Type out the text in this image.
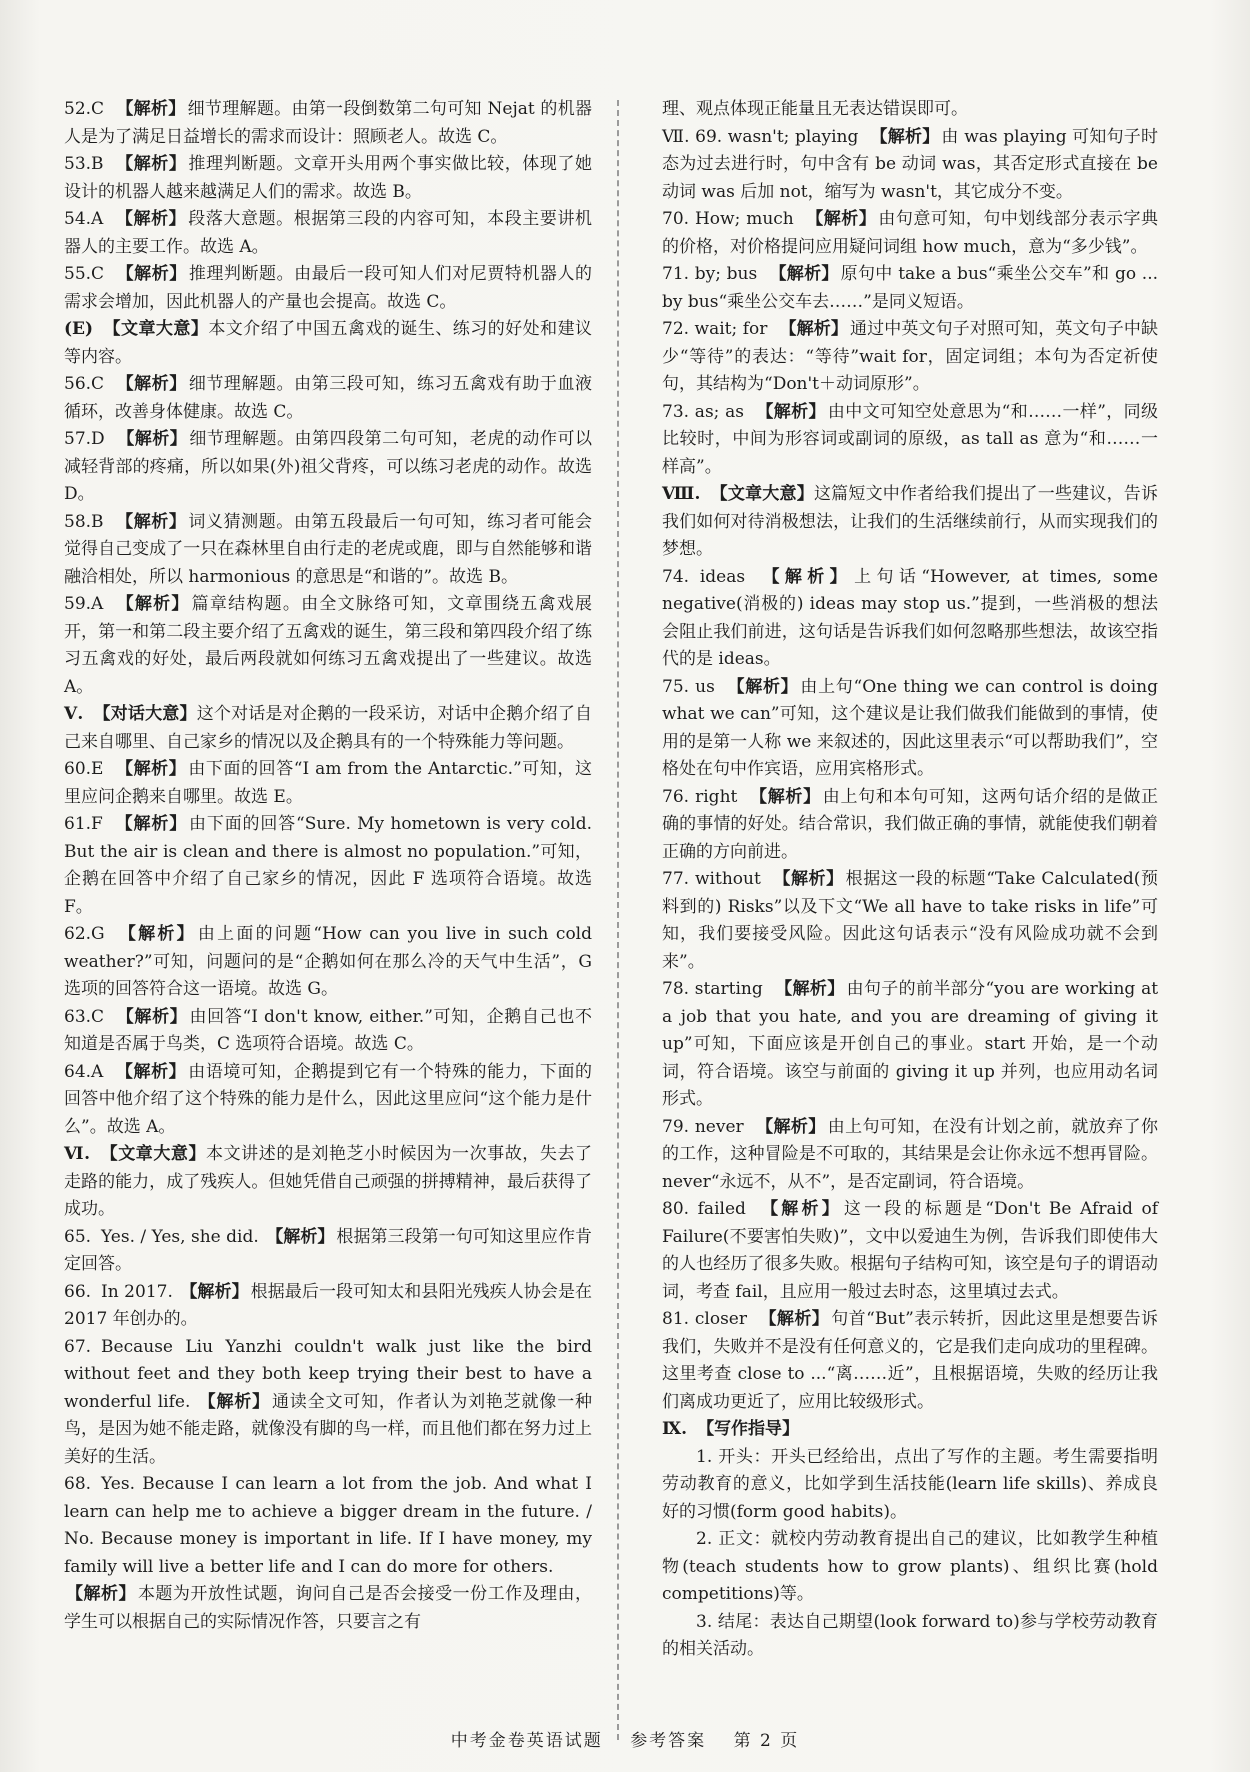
52.C 【 解析 】 细节理解题。由第一段倒数第二句可知 Nejat 的机器人是为了满足日益增长的需求而设计：照顾老人。故选 C。

53.B 【 解析 】 推理判断题。文章开头用两个事实做比较，体现了她设计的机器人越来越满足人们的需求。故选 B。

54.A 【 解析 】 段落大意题。根据第三段的内容可知，本段主要讲机器人的主要工作。故选 A。

55.C 【 解析 】 推理判断题。由最后一段可知人们对尼贾特机器人的需求会增加，因此机器人的产量也会提高。故选 C。

(E) 【 文章大意 】 本文介绍了中国五禽戏的诞生、练习的好处和建议等内容。

56.C 【 解析 】 细节理解题。由第三段可知，练习五禽戏有助于血液循环，改善身体健康。故选 C。

57.D 【 解析 】 细节理解题。由第四段第二句可知，老虎的动作可以减轻背部的疼痛，所以如果(外)祖父背疼，可以练习老虎的动作。故选 D。

58.B 【 解析 】 词义猜测题。由第五段最后一句可知，练习者可能会觉得自己变成了一只在森林里自由行走的老虎或鹿，即与自然能够和谐融洽相处，所以 harmonious 的意思是“和谐的”。故选 B。

59.A 【 解析 】 篇章结构题。由全文脉络可知，文章围绕五禽戏展开，第一和第二段主要介绍了五禽戏的诞生，第三段和第四段介绍了练习五禽戏的好处，最后两段就如何练习五禽戏提出了一些建议。故选 A。

Ⅴ. 【 对话大意 】 这个对话是对企鹅的一段采访，对话中企鹅介绍了自己来自哪里、自己家乡的情况以及企鹅具有的一个特殊能力等问题。

60.E 【 解析 】 由下面的回答“I am from the Antarctic.”可知，这里应问企鹅来自哪里。故选 E。

61.F 【 解析 】 由下面的回答“Sure. My hometown is very cold. But the air is clean and there is almost no population.”可知，企鹅在回答中介绍了自己家乡的情况，因此 F 选项符合语境。故选 F。

62.G 【 解析 】 由上面的问题“How can you live in such cold weather?”可知，问题问的是“企鹅如何在那么冷的天气中生活”，G 选项的回答符合这一语境。故选 G。

63.C 【 解析 】 由回答“I don't know, either.”可知，企鹅自己也不知道是否属于鸟类，C 选项符合语境。故选 C。

64.A 【 解析 】 由语境可知，企鹅提到它有一个特殊的能力，下面的回答中他介绍了这个特殊的能力是什么，因此这里应问“这个能力是什么”。故选 A。

Ⅵ. 【 文章大意 】 本文讲述的是刘艳芝小时候因为一次事故，失去了走路的能力，成了残疾人。但她凭借自己顽强的拼搏精神，最后获得了成功。

65. Yes. / Yes, she did. 【 解析 】 根据第三段第一句可知这里应作肯定回答。

66. In 2017. 【 解析 】 根据最后一段可知太和县阳光残疾人协会是在 2017 年创办的。

67. Because Liu Yanzhi couldn't walk just like the bird without feet and they both keep trying their best to have a wonderful life. 【 解析 】 通读全文可知，作者认为刘艳芝就像一种鸟，是因为她不能走路，就像没有脚的鸟一样，而且他们都在努力过上美好的生活。

68. Yes. Because I can learn a lot from the job. And what I learn can help me to achieve a bigger dream in the future. / No. Because money is important in life. If I have money, my family will live a better life and I can do more for others.

【 解析 】 本题为开放性试题，询问自己是否会接受一份工作及理由，学生可以根据自己的实际情况作答，只要言之有

理、观点体现正能量且无表达错误即可。

Ⅶ. 69. wasn't; playing 【 解析 】 由 was playing 可知句子时态为过去进行时，句中含有 be 动词 was，其否定形式直接在 be 动词 was 后加 not，缩写为 wasn't，其它成分不变。

70. How; much 【 解析 】 由句意可知，句中划线部分表示字典的价格，对价格提问应用疑问词组 how much，意为“多少钱”。

71. by; bus 【 解析 】 原句中 take a bus“乘坐公交车”和 go ... by bus“乘坐公交车去……”是同义短语。

72. wait; for 【 解析 】 通过中英文句子对照可知，英文句子中缺少“等待”的表达：“等待”wait for，固定词组；本句为否定祈使句，其结构为“Don't＋动词原形”。

73. as; as 【 解析 】 由中文可知空处意思为“和……一样”，同级比较时，中间为形容词或副词的原级，as tall as 意为“和……一样高”。

Ⅷ. 【 文章大意 】 这篇短文中作者给我们提出了一些建议，告诉我们如何对待消极想法，让我们的生活继续前行，从而实现我们的梦想。

74. ideas 【 解析 】 上句话“However, at times, some negative(消极的) ideas may stop us.”提到，一些消极的想法会阻止我们前进，这句话是告诉我们如何忽略那些想法，故该空指代的是 ideas。

75. us 【 解析 】 由上句“One thing we can control is doing what we can”可知，这个建议是让我们做我们能做到的事情，使用的是第一人称 we 来叙述的，因此这里表示“可以帮助我们”，空格处在句中作宾语，应用宾格形式。

76. right 【 解析 】 由上句和本句可知，这两句话介绍的是做正确的事情的好处。结合常识，我们做正确的事情，就能使我们朝着正确的方向前进。

77. without 【 解析 】 根据这一段的标题“Take Calculated(预料到的) Risks”以及下文“We all have to take risks in life”可知，我们要接受风险。因此这句话表示“没有风险成功就不会到来”。

78. starting 【 解析 】 由句子的前半部分“you are working at a job that you hate, and you are dreaming of giving it up”可知，下面应该是开创自己的事业。start 开始，是一个动词，符合语境。该空与前面的 giving it up 并列，也应用动名词形式。

79. never 【 解析 】 由上句可知，在没有计划之前，就放弃了你的工作，这种冒险是不可取的，其结果是会让你永远不想再冒险。never“永远不，从不”，是否定副词，符合语境。

80. failed 【 解析 】 这一段的标题是“Don't Be Afraid of Failure(不要害怕失败)”，文中以爱迪生为例，告诉我们即使伟大的人也经历了很多失败。根据句子结构可知，该空是句子的谓语动词，考查 fail，且应用一般过去时态，这里填过去式。

81. closer 【 解析 】 句首“But”表示转折，因此这里是想要告诉我们，失败并不是没有任何意义的，它是我们走向成功的里程碑。这里考查 close to ...“离……近”，且根据语境，失败的经历让我们离成功更近了，应用比较级形式。

Ⅸ. 【 写作指导 】

1. 开头：开头已经给出，点出了写作的主题。考生需要指明劳动教育的意义，比如学到生活技能(learn life skills)、养成良好的习惯(form good habits)。

2. 正文：就校内劳动教育提出自己的建议，比如教学生种植物(teach students how to grow plants)、组织比赛(hold competitions)等。

3. 结尾：表达自己期望(look forward to)参与学校劳动教育的相关活动。

中考金卷英语试题 参考答案 第 2 页
